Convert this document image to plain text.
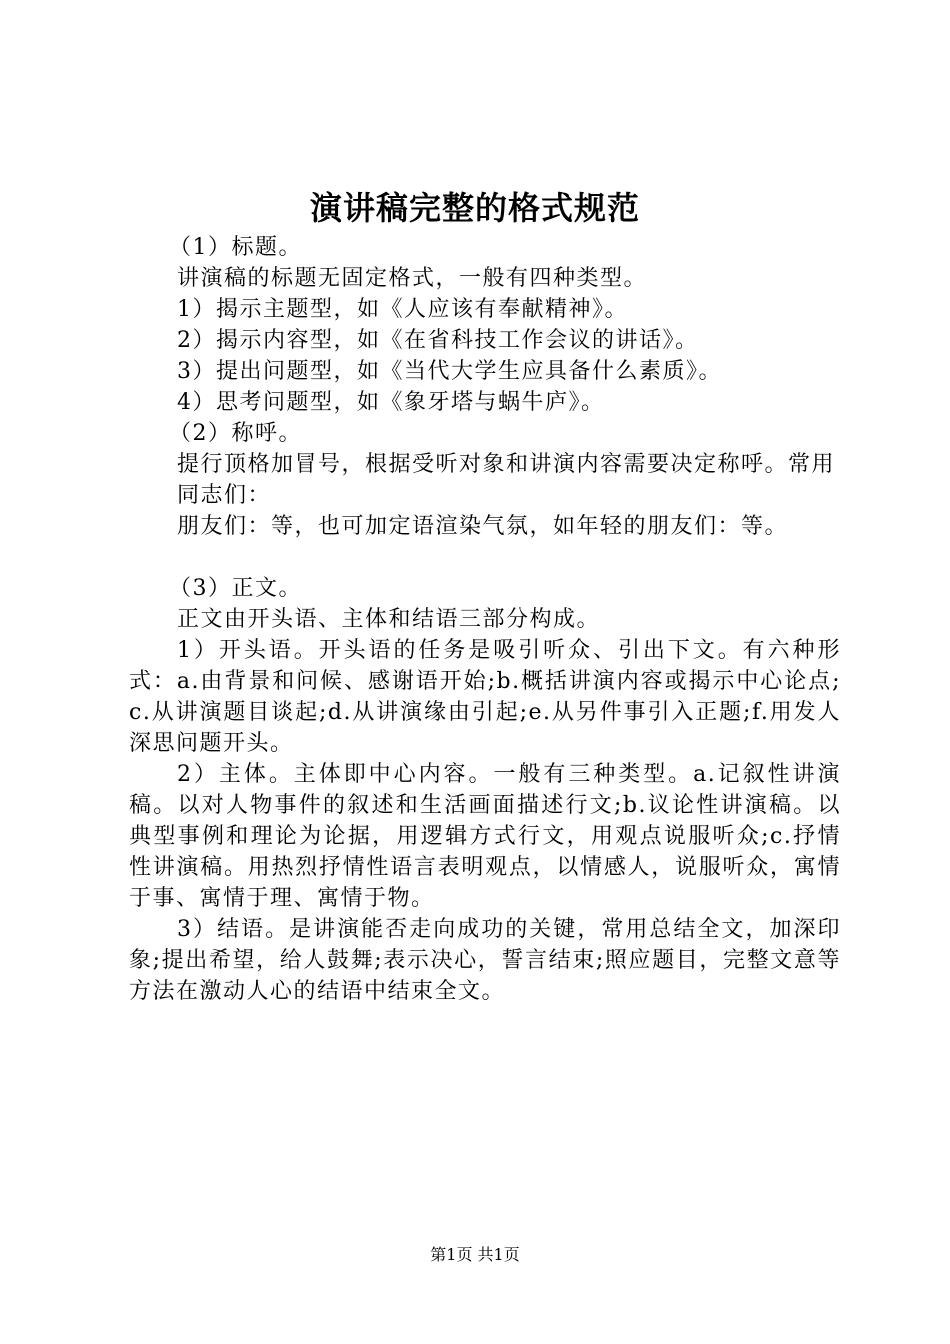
演讲稿完整的格式规范

（1）标题。

讲演稿的标题无固定格式，一般有四种类型。

1）揭示主题型，如《人应该有奉献精神》。

2）揭示内容型，如《在省科技工作会议的讲话》。

3）提出问题型，如《当代大学生应具备什么素质》。

4）思考问题型，如《象牙塔与蜗牛庐》。

（2）称呼。

提行顶格加冒号，根据受听对象和讲演内容需要决定称呼。常用

同志们：

朋友们：等，也可加定语渲染气氛，如年轻的朋友们：等。

（3）正文。

正文由开头语、主体和结语三部分构成。

1）开头语。开头语的任务是吸引听众、引出下文。有六种形式：a.由背景和问候、感谢语开始;b.概括讲演内容或揭示中心论点;c.从讲演题目谈起;d.从讲演缘由引起;e.从另件事引入正题;f.用发人深思问题开头。

2）主体。主体即中心内容。一般有三种类型。a.记叙性讲演稿。以对人物事件的叙述和生活画面描述行文;b.议论性讲演稿。以典型事例和理论为论据，用逻辑方式行文，用观点说服听众;c.抒情性讲演稿。用热烈抒情性语言表明观点，以情感人，说服听众，寓情于事、寓情于理、寓情于物。

3）结语。是讲演能否走向成功的关键，常用总结全文，加深印象;提出希望，给人鼓舞;表示决心，誓言结束;照应题目，完整文意等方法在激动人心的结语中结束全文。

第1页 共1页
